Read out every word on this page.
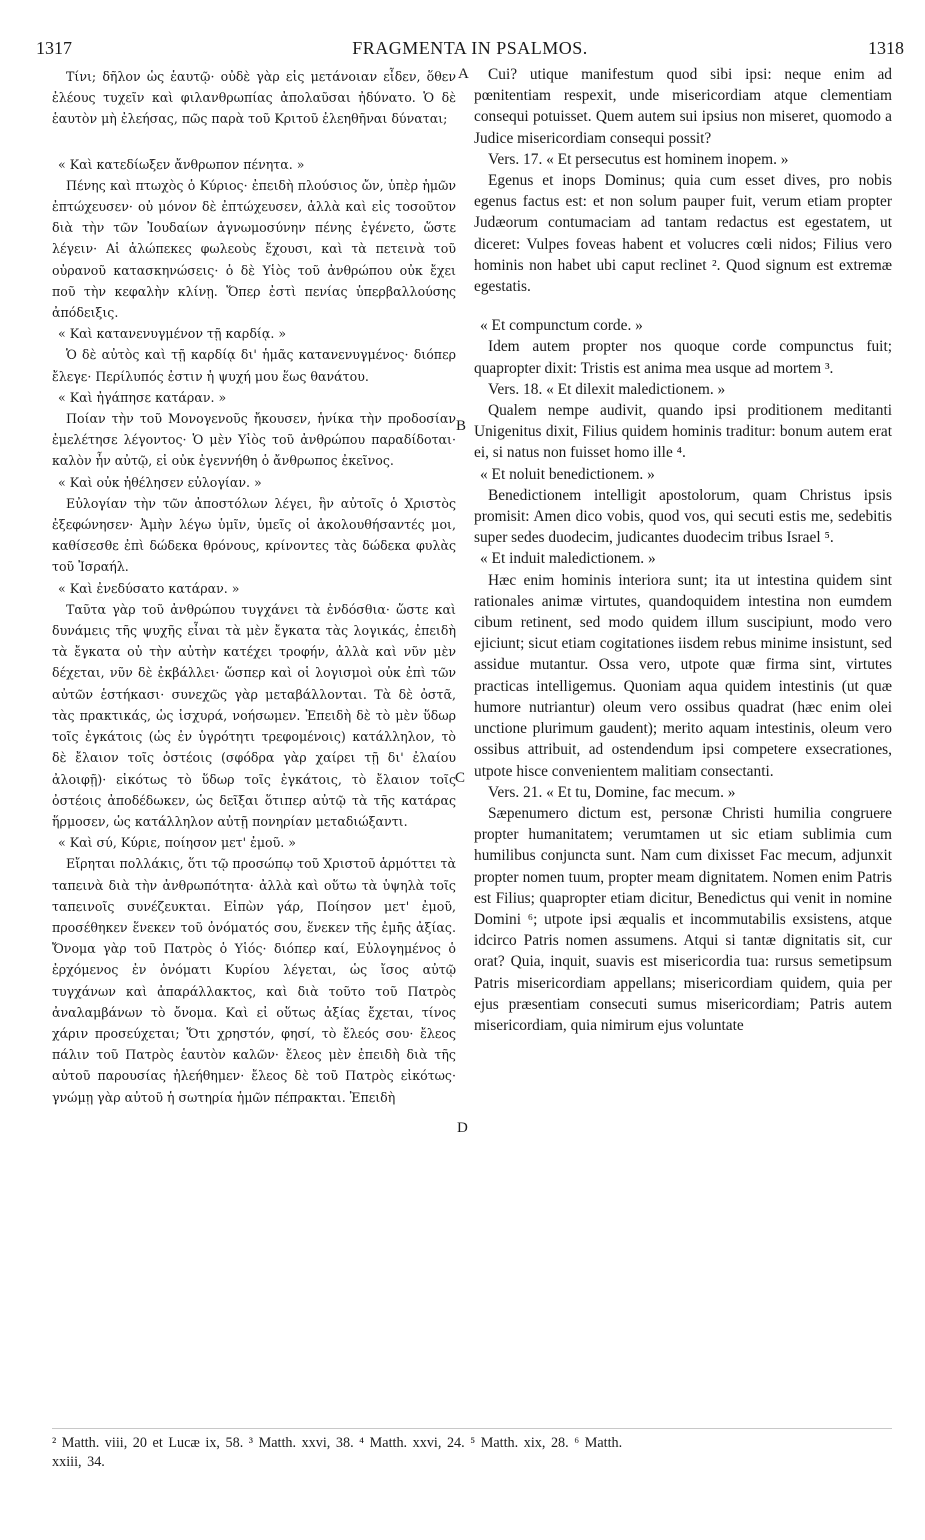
1317	FRAGMENTA IN PSALMOS.	1318
A
B
C
D

Τίνι; δῆλον ὡς ἑαυτῷ· οὐδὲ γὰρ εἰς μετάνοιαν εἶδεν, ὅθεν ἐλέους τυχεῖν καὶ φιλανθρωπίας ἀπολαῦσαι ἠδύνατο. Ὁ δὲ ἑαυτὸν μὴ ἐλεήσας, πῶς παρὰ τοῦ Κριτοῦ ἐλεηθῆναι δύναται;

« Καὶ κατεδίωξεν ἄνθρωπον πένητα. »

Πένης καὶ πτωχὸς ὁ Κύριος· ἐπειδὴ πλούσιος ὤν, ὑπὲρ ἡμῶν ἐπτώχευσεν· οὐ μόνον δὲ ἐπτώχευσεν, ἀλλὰ καὶ εἰς τοσοῦτον διὰ τὴν τῶν Ἰουδαίων ἀγνωμοσύνην πένης ἐγένετο, ὥστε λέγειν· Αἱ ἀλώπεκες φωλεοὺς ἔχουσι, καὶ τὰ πετεινὰ τοῦ οὐρανοῦ κατασκηνώσεις· ὁ δὲ Υἱὸς τοῦ ἀνθρώπου οὐκ ἔχει ποῦ τὴν κεφαλὴν κλίνῃ. Ὅπερ ἐστὶ πενίας ὑπερβαλλούσης ἀπόδειξις.

« Καὶ κατανενυγμένον τῇ καρδίᾳ. »

Ὁ δὲ αὐτὸς καὶ τῇ καρδίᾳ δι' ἡμᾶς κατανενυγμένος· διόπερ ἔλεγε· Περίλυπός ἐστιν ἡ ψυχή μου ἕως θανάτου.

« Καὶ ἠγάπησε κατάραν. »

Ποίαν τὴν τοῦ Μονογενοῦς ἤκουσεν, ἡνίκα τὴν προδοσίαν ἐμελέτησε λέγοντος· Ὁ μὲν Υἱὸς τοῦ ἀνθρώπου παραδίδοται· καλὸν ἦν αὐτῷ, εἰ οὐκ ἐγεννήθη ὁ ἄνθρωπος ἐκεῖνος.

« Καὶ οὐκ ἠθέλησεν εὐλογίαν. »

Εὐλογίαν τὴν τῶν ἀποστόλων λέγει, ἣν αὐτοῖς ὁ Χριστὸς ἐξεφώνησεν· Ἀμὴν λέγω ὑμῖν, ὑμεῖς οἱ ἀκολουθήσαντές μοι, καθίσεσθε ἐπὶ δώδεκα θρόνους, κρίνοντες τὰς δώδεκα φυλὰς τοῦ Ἰσραήλ.

« Καὶ ἐνεδύσατο κατάραν. »

Ταῦτα γὰρ τοῦ ἀνθρώπου τυγχάνει τὰ ἐνδόσθια· ὥστε καὶ δυνάμεις τῆς ψυχῆς εἶναι τὰ μὲν ἔγκατα τὰς λογικάς, ἐπειδὴ τὰ ἔγκατα οὐ τὴν αὐτὴν κατέχει τροφήν, ἀλλὰ καὶ νῦν μὲν δέχεται, νῦν δὲ ἐκβάλλει· ὥσπερ καὶ οἱ λογισμοὶ οὐκ ἐπὶ τῶν αὐτῶν ἑστήκασι· συνεχῶς γὰρ μεταβάλλονται. Τὰ δὲ ὀστᾶ, τὰς πρακτικάς, ὡς ἰσχυρά, νοήσωμεν. Ἐπειδὴ δὲ τὸ μὲν ὕδωρ τοῖς ἐγκάτοις (ὡς ἐν ὑγρότητι τρεφομένοις) κατάλληλον, τὸ δὲ ἔλαιον τοῖς ὀστέοις (σφόδρα γὰρ χαίρει τῇ δι' ἐλαίου ἀλοιφῇ)· εἰκότως τὸ ὕδωρ τοῖς ἐγκάτοις, τὸ ἔλαιον τοῖς ὀστέοις ἀποδέδωκεν, ὡς δεῖξαι ὅτιπερ αὐτῷ τὰ τῆς κατάρας ἥρμοσεν, ὡς κατάλληλον αὐτῇ πονηρίαν μεταδιώξαντι.

« Καὶ σύ, Κύριε, ποίησον μετ' ἐμοῦ. »

Εἴρηται πολλάκις, ὅτι τῷ προσώπῳ τοῦ Χριστοῦ ἁρμόττει τὰ ταπεινὰ διὰ τὴν ἀνθρωπότητα· ἀλλὰ καὶ οὕτω τὰ ὑψηλὰ τοῖς ταπεινοῖς συνέζευκται. Εἰπὼν γάρ, Ποίησον μετ' ἐμοῦ, προσέθηκεν ἕνεκεν τοῦ ὀνόματός σου, ἕνεκεν τῆς ἐμῆς ἀξίας. Ὄνομα γὰρ τοῦ Πατρὸς ὁ Υἱός· διόπερ καί, Εὐλογημένος ὁ ἐρχόμενος ἐν ὀνόματι Κυρίου λέγεται, ὡς ἴσος αὐτῷ τυγχάνων καὶ ἀπαράλλακτος, καὶ διὰ τοῦτο τοῦ Πατρὸς ἀναλαμβάνων τὸ ὄνομα. Καὶ εἰ οὕτως ἀξίας ἔχεται, τίνος χάριν προσεύχεται; Ὅτι χρηστόν, φησί, τὸ ἔλεός σου· ἔλεος πάλιν τοῦ Πατρὸς ἑαυτὸν καλῶν· ἔλεος μὲν ἐπειδὴ διὰ τῆς αὐτοῦ παρουσίας ἠλεήθημεν· ἔλεος δὲ τοῦ Πατρὸς εἰκότως· γνώμῃ γὰρ αὐτοῦ ἡ σωτηρία ἡμῶν πέπρακται. Ἐπειδὴ

Cui? utique manifestum quod sibi ipsi: neque enim ad pœnitentiam respexit, unde misericordiam atque clementiam consequi potuisset. Quem autem sui ipsius non miseret, quomodo a Judice misericordiam consequi possit?

Vers. 17. « Et persecutus est hominem inopem. »

Egenus et inops Dominus; quia cum esset dives, pro nobis egenus factus est: et non solum pauper fuit, verum etiam propter Judæorum contumaciam ad tantam redactus est egestatem, ut diceret: Vulpes foveas habent et volucres cœli nidos; Filius vero hominis non habet ubi caput reclinet ². Quod signum est extremæ egestatis.

« Et compunctum corde. »

Idem autem propter nos quoque corde compunctus fuit; quapropter dixit: Tristis est anima mea usque ad mortem ³.

Vers. 18. « Et dilexit maledictionem. »

Qualem nempe audivit, quando ipsi proditionem meditanti Unigenitus dixit, Filius quidem hominis traditur: bonum autem erat ei, si natus non fuisset homo ille ⁴.

« Et noluit benedictionem. »

Benedictionem intelligit apostolorum, quam Christus ipsis promisit: Amen dico vobis, quod vos, qui secuti estis me, sedebitis super sedes duodecim, judicantes duodecim tribus Israel ⁵.

« Et induit maledictionem. »

Hæc enim hominis interiora sunt; ita ut intestina quidem sint rationales animæ virtutes, quandoquidem intestina non eumdem cibum retinent, sed modo quidem illum suscipiunt, modo vero ejiciunt; sicut etiam cogitationes iisdem rebus minime insistunt, sed assidue mutantur. Ossa vero, utpote quæ firma sint, virtutes practicas intelligemus. Quoniam aqua quidem intestinis (ut quæ humore nutriantur) oleum vero ossibus quadrat (hæc enim olei unctione plurimum gaudent); merito aquam intestinis, oleum vero ossibus attribuit, ad ostendendum ipsi competere exsecrationes, utpote hisce convenientem malitiam consectanti.

Vers. 21. « Et tu, Domine, fac mecum. »

Sæpenumero dictum est, personæ Christi humilia congruere propter humanitatem; verumtamen ut sic etiam sublimia cum humilibus conjuncta sunt. Nam cum dixisset Fac mecum, adjunxit propter nomen tuum, propter meam dignitatem. Nomen enim Patris est Filius; quapropter etiam dicitur, Benedictus qui venit in nomine Domini ⁶; utpote ipsi æqualis et incommutabilis exsistens, atque idcirco Patris nomen assumens. Atqui si tantæ dignitatis sit, cur orat? Quia, inquit, suavis est misericordia tua: rursus semetipsum Patris misericordiam appellans; misericordiam quidem, quia per ejus præsentiam consecuti sumus misericordiam; Patris autem misericordiam, quia nimirum ejus voluntate

² Matth. viii, 20 et Lucæ ix, 58. ³ Matth. xxvi, 38. ⁴ Matth. xxvi, 24. ⁵ Matth. xix, 28. ⁶ Matth.
xxiii, 34.
